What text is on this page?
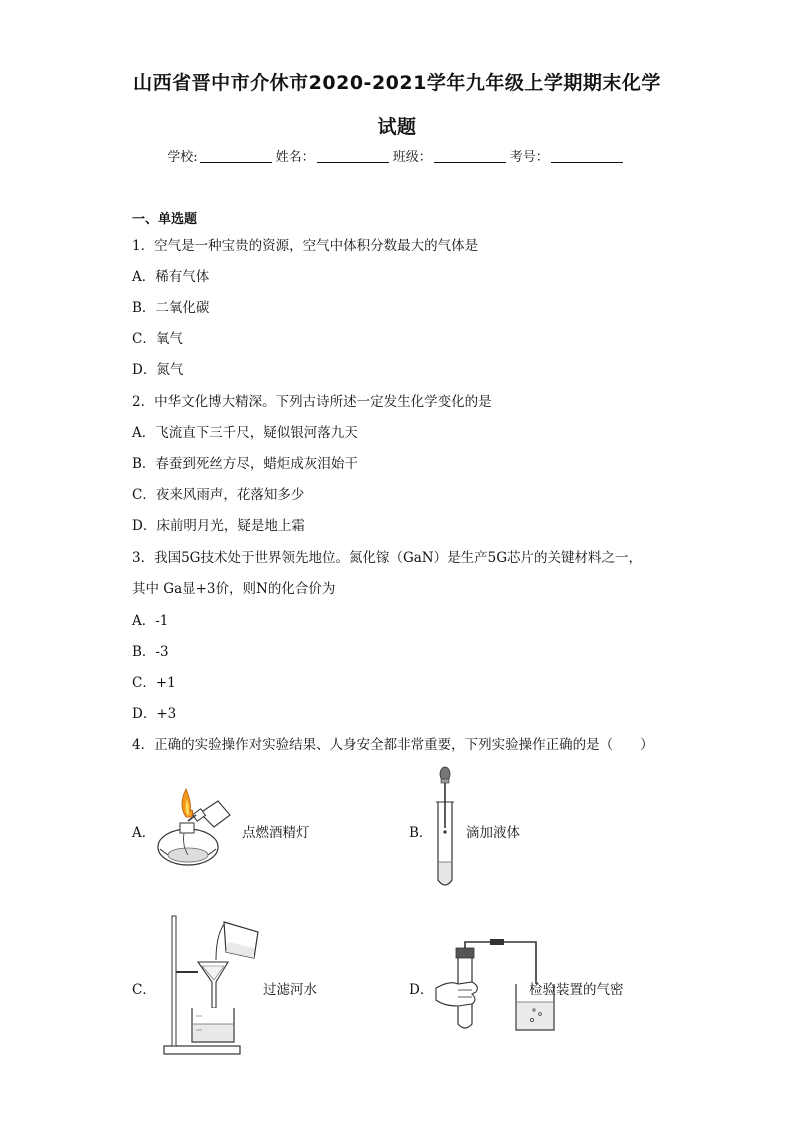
山西省晋中市介休市2020-2021学年九年级上学期期末化学
试题
学校:	姓名：	班级：	考号：
一、单选题
1．空气是一种宝贵的资源，空气中体积分数最大的气体是
A．稀有气体
B．二氧化碳
C．氧气
D．氮气
2．中华文化博大精深。下列古诗所述一定发生化学变化的是
A．飞流直下三千尺，疑似银河落九天
B．春蚕到死丝方尽，蜡炬成灰泪始干
C．夜来风雨声，花落知多少
D．床前明月光，疑是地上霜
3．我国5G技术处于世界领先地位。氮化镓（GaN）是生产5G芯片的关键材料之一，
其中 Ga显+3价，则N的化合价为
A．-1
B．-3
C．+1
D．+3
4．正确的实验操作对实验结果、人身安全都非常重要，下列实验操作正确的是（　　）
A．	点燃酒精灯	B． 滴加液体
C．	过滤河水	D．	检验装置的气密
